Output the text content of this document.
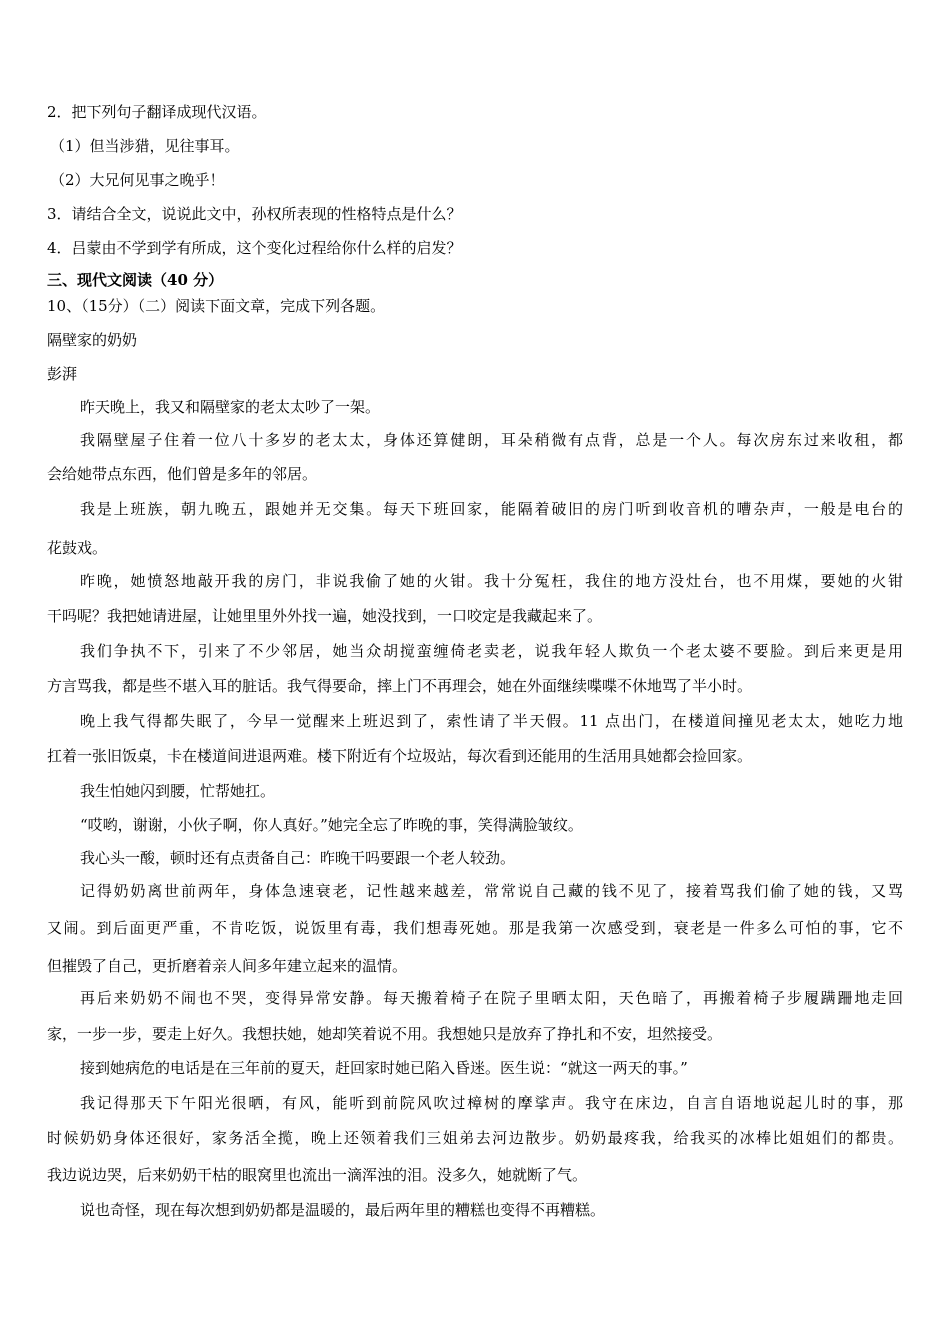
2．把下列句子翻译成现代汉语。
（1）但当涉猎，见往事耳。
（2）大兄何见事之晚乎！
3．请结合全文，说说此文中，孙权所表现的性格特点是什么？
4．吕蒙由不学到学有所成，这个变化过程给你什么样的启发？
三、现代文阅读（40 分）
10、（15分）（二）阅读下面文章，完成下列各题。
隔壁家的奶奶
彭湃
昨天晚上，我又和隔壁家的老太太吵了一架。
我隔壁屋子住着一位八十多岁的老太太，身体还算健朗，耳朵稍微有点背，总是一个人。每次房东过来收租，都
会给她带点东西，他们曾是多年的邻居。
我是上班族，朝九晚五，跟她并无交集。每天下班回家，能隔着破旧的房门听到收音机的嘈杂声，一般是电台的
花鼓戏。
昨晚，她愤怒地敲开我的房门，非说我偷了她的火钳。我十分冤枉，我住的地方没灶台，也不用煤，要她的火钳
干吗呢？我把她请进屋，让她里里外外找一遍，她没找到，一口咬定是我藏起来了。
我们争执不下，引来了不少邻居，她当众胡搅蛮缠倚老卖老，说我年轻人欺负一个老太婆不要脸。到后来更是用
方言骂我，都是些不堪入耳的脏话。我气得要命，摔上门不再理会，她在外面继续喋喋不休地骂了半小时。
晚上我气得都失眠了，今早一觉醒来上班迟到了，索性请了半天假。11 点出门，在楼道间撞见老太太，她吃力地
扛着一张旧饭桌，卡在楼道间进退两难。楼下附近有个垃圾站，每次看到还能用的生活用具她都会捡回家。
我生怕她闪到腰，忙帮她扛。
“哎哟，谢谢，小伙子啊，你人真好。”她完全忘了昨晚的事，笑得满脸皱纹。
我心头一酸，顿时还有点责备自己：昨晚干吗要跟一个老人较劲。
记得奶奶离世前两年，身体急速衰老，记性越来越差，常常说自己藏的钱不见了，接着骂我们偷了她的钱，又骂
又闹。到后面更严重，不肯吃饭，说饭里有毒，我们想毒死她。那是我第一次感受到，衰老是一件多么可怕的事，它不
但摧毁了自己，更折磨着亲人间多年建立起来的温情。
再后来奶奶不闹也不哭，变得异常安静。每天搬着椅子在院子里晒太阳，天色暗了，再搬着椅子步履蹒跚地走回
家，一步一步，要走上好久。我想扶她，她却笑着说不用。我想她只是放弃了挣扎和不安，坦然接受。
接到她病危的电话是在三年前的夏天，赶回家时她已陷入昏迷。医生说：“就这一两天的事。”
我记得那天下午阳光很晒，有风，能听到前院风吹过樟树的摩挲声。我守在床边，自言自语地说起儿时的事，那
时候奶奶身体还很好，家务活全揽，晚上还领着我们三姐弟去河边散步。奶奶最疼我，给我买的冰棒比姐姐们的都贵。
我边说边哭，后来奶奶干枯的眼窝里也流出一滴浑浊的泪。没多久，她就断了气。
说也奇怪，现在每次想到奶奶都是温暖的，最后两年里的糟糕也变得不再糟糕。
